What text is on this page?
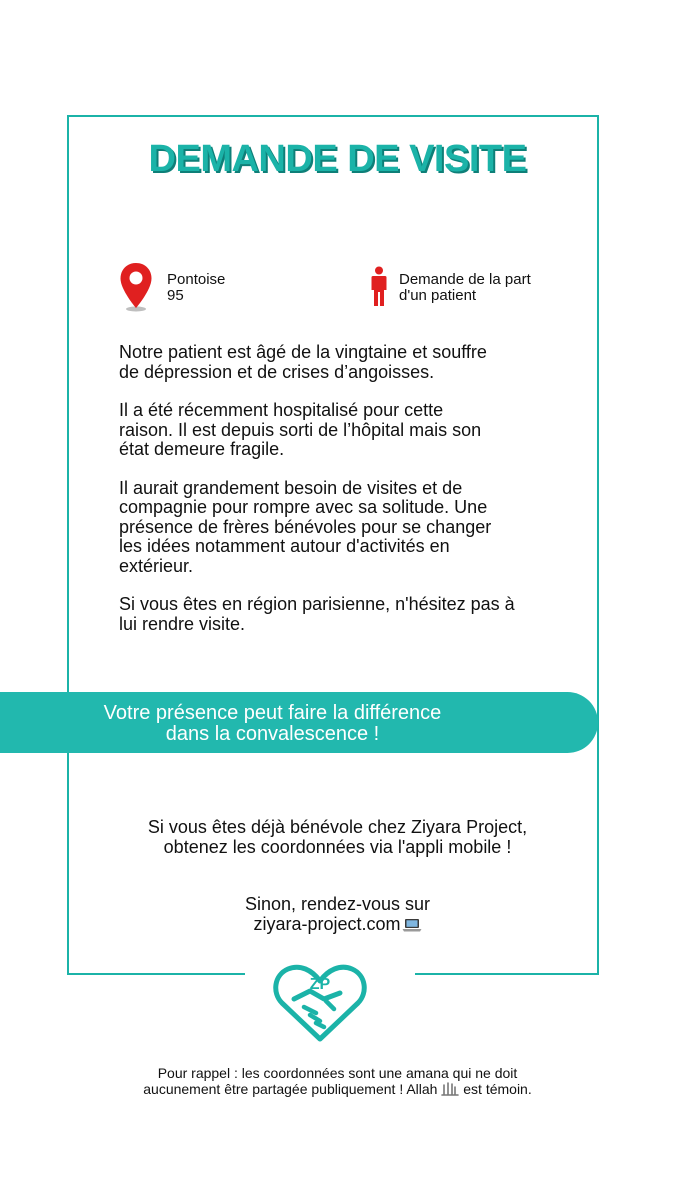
DEMANDE DE VISITE
Pontoise
95
Demande de la part
d'un patient

Notre patient est âgé de la vingtaine et souffre
de dépression et de crises d’angoisses.

Il a été récemment hospitalisé pour cette
raison. Il est depuis sorti de l’hôpital mais son
état demeure fragile.

Il aurait grandement besoin de visites et de
compagnie pour rompre avec sa solitude. Une
présence de frères bénévoles pour se changer
les idées notamment autour d'activités en
extérieur.

Si vous êtes en région parisienne, n'hésitez pas à
lui rendre visite.

Votre présence peut faire la différence
dans la convalescence !
Si vous êtes déjà bénévole chez Ziyara Project,
obtenez les coordonnées via l'appli mobile !
Sinon, rendez-vous sur
ziyara-project.com
ZP
Pour rappel : les coordonnées sont une amana qui ne doit
aucunement être partagée publiquement ! Allah est témoin.
